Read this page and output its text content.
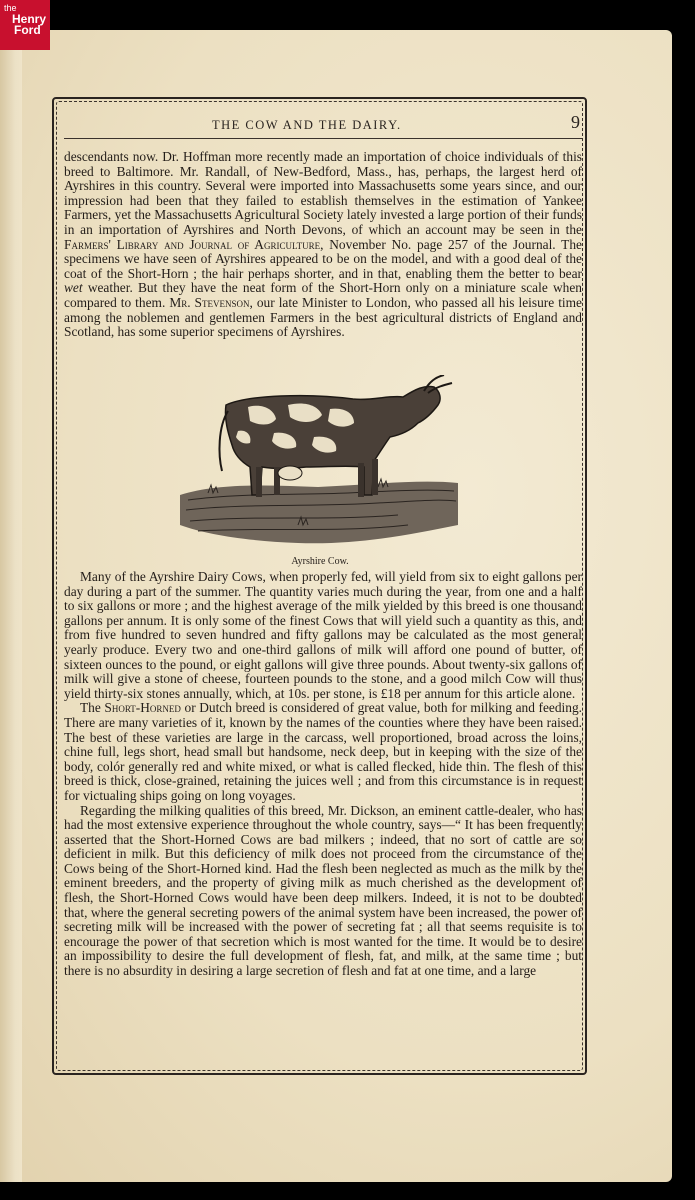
the
Henry
Ford
THE COW AND THE DAIRY.	9

descendants now. Dr. Hoffman more recently made an importation of choice individuals of this breed to Baltimore. Mr. Randall, of New-Bedford, Mass., has, perhaps, the largest herd of Ayrshires in this country. Several were imported into Massachusetts some years since, and our impression had been that they failed to establish themselves in the estimation of Yankee Farmers, yet the Massachusetts Agricultural Society lately invested a large portion of their funds in an importation of Ayrshires and North Devons, of which an account may be seen in the Farmers' Library and Journal of Agriculture, November No. page 257 of the Journal. The specimens we have seen of Ayrshires appeared to be on the model, and with a good deal of the coat of the Short-Horn ; the hair perhaps shorter, and in that, enabling them the better to bear wet weather. But they have the neat form of the Short-Horn only on a miniature scale when compared to them. Mr. Stevenson, our late Minister to London, who passed all his leisure time among the noblemen and gentlemen Farmers in the best agricultural districts of England and Scotland, has some superior specimens of Ayrshires.

Ayrshire Cow.

Many of the Ayrshire Dairy Cows, when properly fed, will yield from six to eight gallons per day during a part of the summer. The quantity varies much during the year, from one and a half to six gallons or more ; and the highest average of the milk yielded by this breed is one thousand gallons per annum. It is only some of the finest Cows that will yield such a quantity as this, and from five hundred to seven hundred and fifty gallons may be calculated as the most general yearly produce. Every two and one-third gallons of milk will afford one pound of butter, of sixteen ounces to the pound, or eight gallons will give three pounds. About twenty-six gallons of milk will give a stone of cheese, fourteen pounds to the stone, and a good milch Cow will thus yield thirty-six stones annually, which, at 10s. per stone, is £18 per annum for this article alone.

The Short-Horned or Dutch breed is considered of great value, both for milking and feeding. There are many varieties of it, known by the names of the counties where they have been raised. The best of these varieties are large in the carcass, well proportioned, broad across the loins, chine full, legs short, head small but handsome, neck deep, but in keeping with the size of the body, colór generally red and white mixed, or what is called flecked, hide thin. The flesh of this breed is thick, close-grained, retaining the juices well ; and from this circumstance is in request for victualing ships going on long voyages.

Regarding the milking qualities of this breed, Mr. Dickson, an eminent cattle-dealer, who has had the most extensive experience throughout the whole country, says—“ It has been frequently asserted that the Short-Horned Cows are bad milkers ; indeed, that no sort of cattle are so deficient in milk. But this deficiency of milk does not proceed from the circumstance of the Cows being of the Short-Horned kind. Had the flesh been neglected as much as the milk by the eminent breeders, and the property of giving milk as much cherished as the development of flesh, the Short-Horned Cows would have been deep milkers. Indeed, it is not to be doubted that, where the general secreting powers of the animal system have been increased, the power of secreting milk will be increased with the power of secreting fat ; all that seems requisite is to encourage the power of that secretion which is most wanted for the time. It would be to desire an impossibility to desire the full development of flesh, fat, and milk, at the same time ; but there is no absurdity in desiring a large secretion of flesh and fat at one time, and a large
